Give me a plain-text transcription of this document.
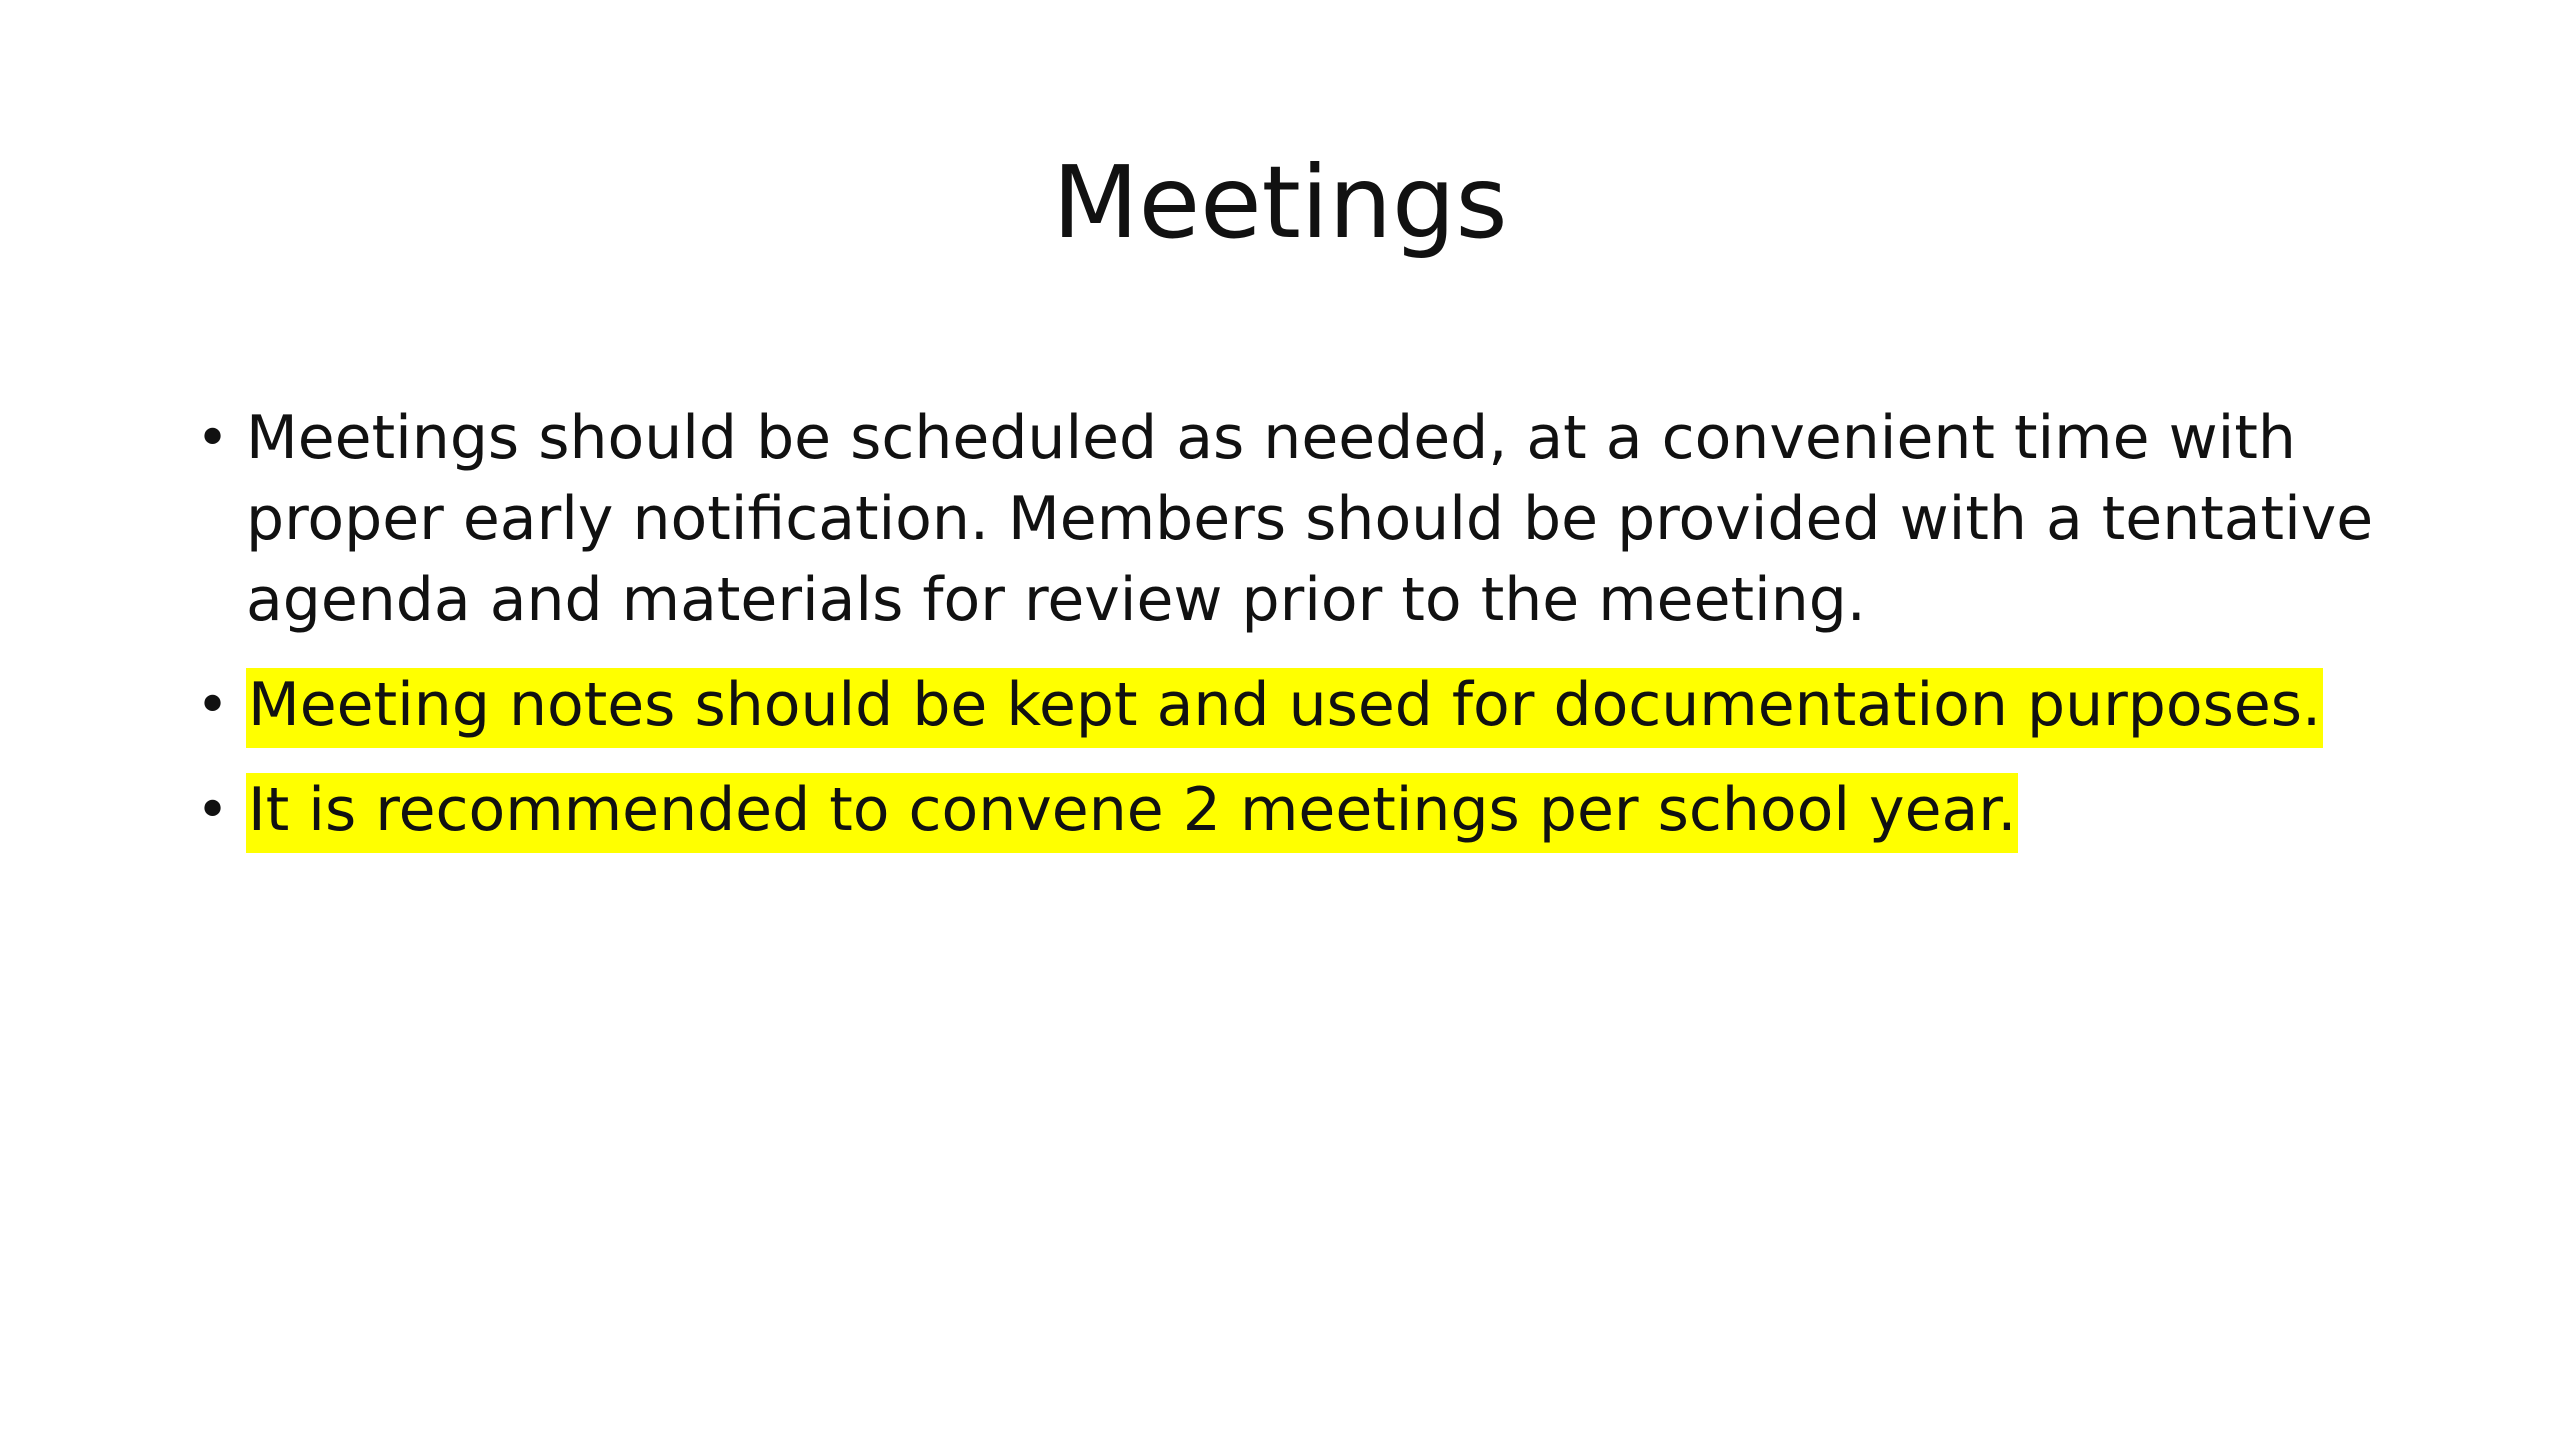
Meetings
• Meetings should be scheduled as needed, at a convenient time with proper early notification. Members should be provided with a tentative agenda and materials for review prior to the meeting.
• Meeting notes should be kept and used for documentation purposes.
• It is recommended to convene 2 meetings per school year.
